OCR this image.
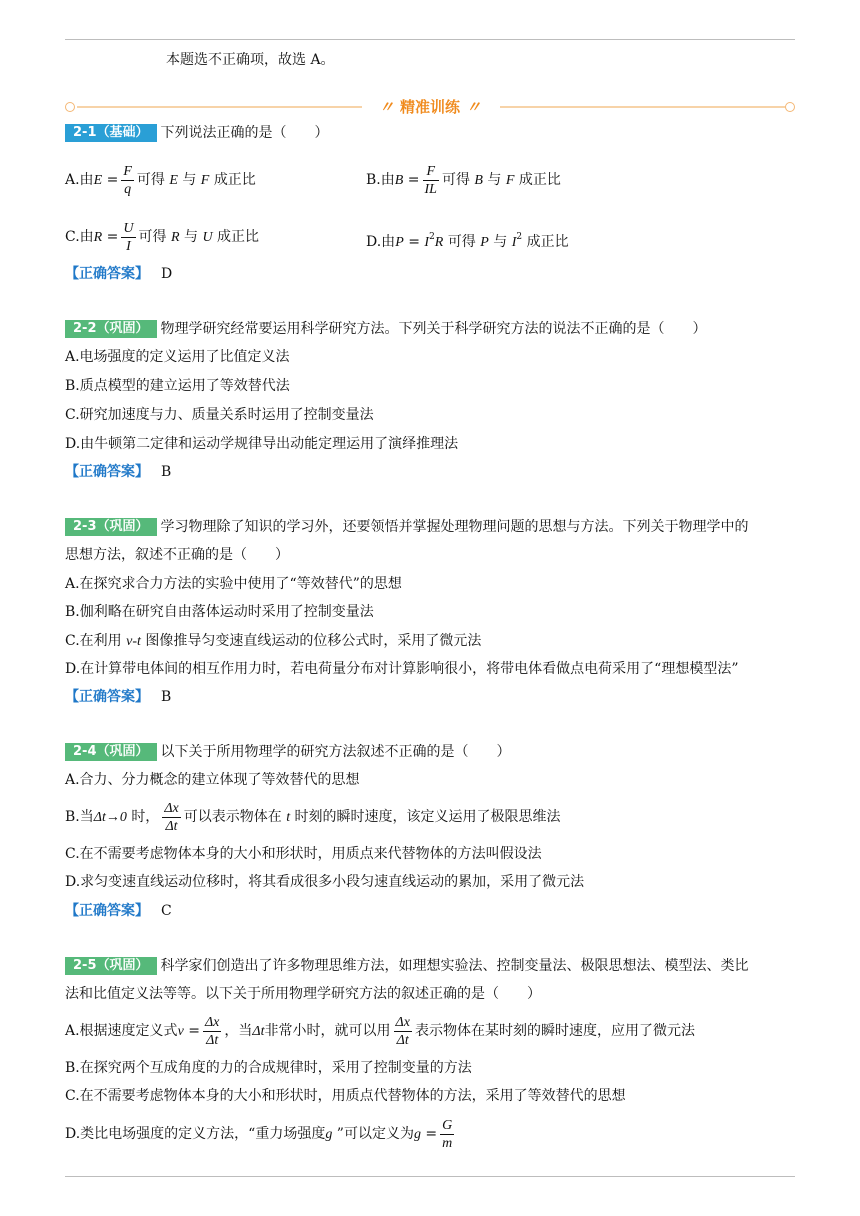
本题选不正确项，故选 A。
〃 精准训练 〃
2-1（基础） 下列说法正确的是（　　）
A.由$E = \frac{F}{q}$ 可得 E 与 F 成正比	B.由$B = \frac{F}{IL}$ 可得 B 与 F 成正比
C.由$R = \frac{U}{I}$ 可得 R 与 U 成正比	D.由$P = I^2R$ 可得 P 与 $I^2$ 成正比
【正确答案】 D
2-2（巩固） 物理学研究经常要运用科学研究方法。下列关于科学研究方法的说法不正确的是（　　）
A.电场强度的定义运用了比值定义法
B.质点模型的建立运用了等效替代法
C.研究加速度与力、质量关系时运用了控制变量法
D.由牛顿第二定律和运动学规律导出动能定理运用了演绎推理法
【正确答案】 B
2-3（巩固） 学习物理除了知识的学习外，还要领悟并掌握处理物理问题的思想与方法。下列关于物理学中的
思想方法，叙述不正确的是（　　）
A.在探究求合力方法的实验中使用了“等效替代”的思想
B.伽利略在研究自由落体运动时采用了控制变量法
C.在利用 v-t 图像推导匀变速直线运动的位移公式时，采用了微元法
D.在计算带电体间的相互作用力时，若电荷量分布对计算影响很小，将带电体看做点电荷采用了“理想模型法”
【正确答案】 B
2-4（巩固） 以下关于所用物理学的研究方法叙述不正确的是（　　）
A.合力、分力概念的建立体现了等效替代的思想
B.当Δt→0 时， $\frac{\Delta x}{\Delta t}$ 可以表示物体在 t 时刻的瞬时速度，该定义运用了极限思维法
C.在不需要考虑物体本身的大小和形状时，用质点来代替物体的方法叫假设法
D.求匀变速直线运动位移时，将其看成很多小段匀速直线运动的累加，采用了微元法
【正确答案】 C
2-5（巩固） 科学家们创造出了许多物理思维方法，如理想实验法、控制变量法、极限思想法、模型法、类比
法和比值定义法等等。以下关于所用物理学研究方法的叙述正确的是（　　）
A.根据速度定义式$v = \frac{\Delta x}{\Delta t}$ ，当Δt非常小时，就可以用 $\frac{\Delta x}{\Delta t}$ 表示物体在某时刻的瞬时速度，应用了微元法
B.在探究两个互成角度的力的合成规律时，采用了控制变量的方法
C.在不需要考虑物体本身的大小和形状时，用质点代替物体的方法，采用了等效替代的思想
D.类比电场强度的定义方法，“重力场强度g ”可以定义为$g = \frac{G}{m}$
